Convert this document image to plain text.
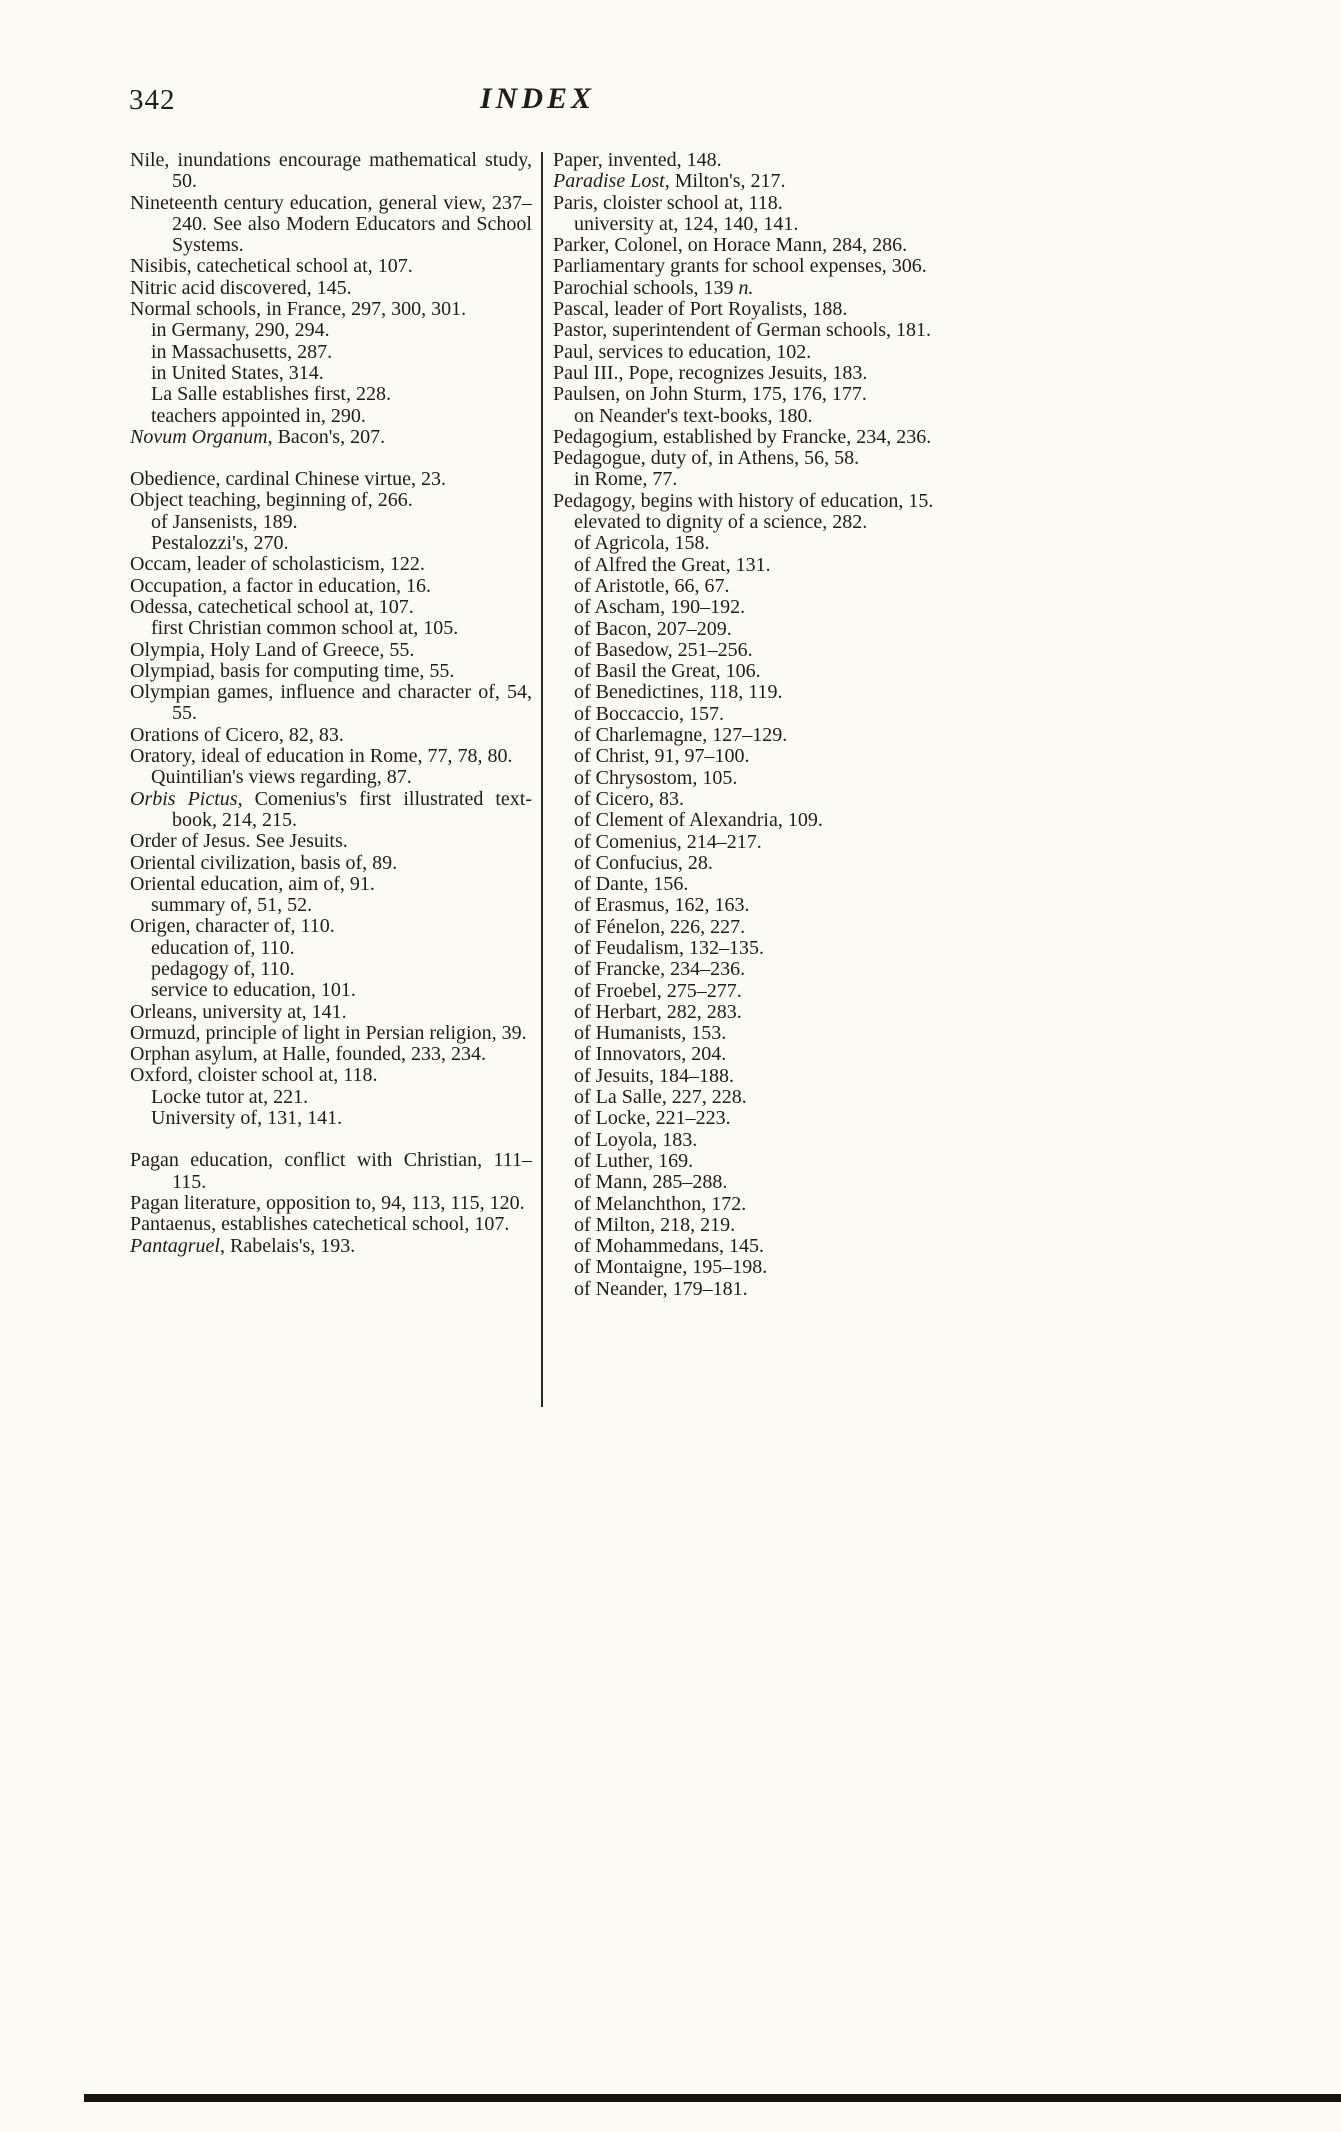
342	INDEX
Nile, inundations encourage mathematical study, 50.
Nineteenth century education, general view, 237–240. See also Modern Educators and School Systems.
Nisibis, catechetical school at, 107.
Nitric acid discovered, 145.
Normal schools, in France, 297, 300, 301.
in Germany, 290, 294.
in Massachusetts, 287.
in United States, 314.
La Salle establishes first, 228.
teachers appointed in, 290.
Novum Organum, Bacon's, 207.
Obedience, cardinal Chinese virtue, 23.
Object teaching, beginning of, 266.
of Jansenists, 189.
Pestalozzi's, 270.
Occam, leader of scholasticism, 122.
Occupation, a factor in education, 16.
Odessa, catechetical school at, 107.
first Christian common school at, 105.
Olympia, Holy Land of Greece, 55.
Olympiad, basis for computing time, 55.
Olympian games, influence and character of, 54, 55.
Orations of Cicero, 82, 83.
Oratory, ideal of education in Rome, 77, 78, 80.
Quintilian's views regarding, 87.
Orbis Pictus, Comenius's first illustrated text-book, 214, 215.
Order of Jesus. See Jesuits.
Oriental civilization, basis of, 89.
Oriental education, aim of, 91.
summary of, 51, 52.
Origen, character of, 110.
education of, 110.
pedagogy of, 110.
service to education, 101.
Orleans, university at, 141.
Ormuzd, principle of light in Persian religion, 39.
Orphan asylum, at Halle, founded, 233, 234.
Oxford, cloister school at, 118.
Locke tutor at, 221.
University of, 131, 141.
Pagan education, conflict with Christian, 111–115.
Pagan literature, opposition to, 94, 113, 115, 120.
Pantaenus, establishes catechetical school, 107.
Pantagruel, Rabelais's, 193.
Paper, invented, 148.
Paradise Lost, Milton's, 217.
Paris, cloister school at, 118.
university at, 124, 140, 141.
Parker, Colonel, on Horace Mann, 284, 286.
Parliamentary grants for school expenses, 306.
Parochial schools, 139 n.
Pascal, leader of Port Royalists, 188.
Pastor, superintendent of German schools, 181.
Paul, services to education, 102.
Paul III., Pope, recognizes Jesuits, 183.
Paulsen, on John Sturm, 175, 176, 177.
on Neander's text-books, 180.
Pedagogium, established by Francke, 234, 236.
Pedagogue, duty of, in Athens, 56, 58.
in Rome, 77.
Pedagogy, begins with history of education, 15.
elevated to dignity of a science, 282.
of Agricola, 158.
of Alfred the Great, 131.
of Aristotle, 66, 67.
of Ascham, 190–192.
of Bacon, 207–209.
of Basedow, 251–256.
of Basil the Great, 106.
of Benedictines, 118, 119.
of Boccaccio, 157.
of Charlemagne, 127–129.
of Christ, 91, 97–100.
of Chrysostom, 105.
of Cicero, 83.
of Clement of Alexandria, 109.
of Comenius, 214–217.
of Confucius, 28.
of Dante, 156.
of Erasmus, 162, 163.
of Fénelon, 226, 227.
of Feudalism, 132–135.
of Francke, 234–236.
of Froebel, 275–277.
of Herbart, 282, 283.
of Humanists, 153.
of Innovators, 204.
of Jesuits, 184–188.
of La Salle, 227, 228.
of Locke, 221–223.
of Loyola, 183.
of Luther, 169.
of Mann, 285–288.
of Melanchthon, 172.
of Milton, 218, 219.
of Mohammedans, 145.
of Montaigne, 195–198.
of Neander, 179–181.
